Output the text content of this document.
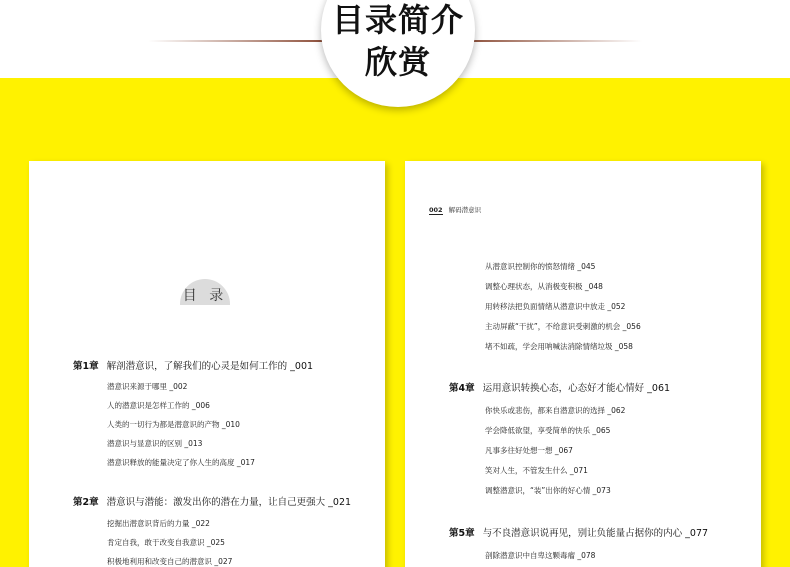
目录简介
欣赏
目 录
第1章 解剖潜意识，了解我们的心灵是如何工作的 _001
潜意识来源于哪里 _002
人的潜意识是怎样工作的 _006
人类的一切行为都是潜意识的产物 _010
潜意识与显意识的区别 _013
潜意识释放的能量决定了你人生的高度 _017
第2章 潜意识与潜能：激发出你的潜在力量，让自己更强大 _021
挖掘出潜意识背后的力量 _022
肯定自我，敢于改变自我意识 _025
积极地利用和改变自己的潜意识 _027
002 解码潜意识
从潜意识控制你的愤怒情绪 _045
调整心理状态，从消极变积极 _048
用转移法把负面情绪从潜意识中放走 _052
主动屏蔽“干扰”，不给意识受刺激的机会 _056
堵不如疏，学会用呐喊法消除情绪垃圾 _058
第4章 运用意识转换心态，心态好才能心情好 _061
你快乐或悲伤，都来自潜意识的选择 _062
学会降低欲望，享受简单的快乐 _065
凡事多往好处想一想 _067
笑对人生，不管发生什么 _071
调整潜意识，“装”出你的好心情 _073
第5章 与不良潜意识说再见，别让负能量占据你的内心 _077
剖除潜意识中自卑这颗毒瘤 _078
